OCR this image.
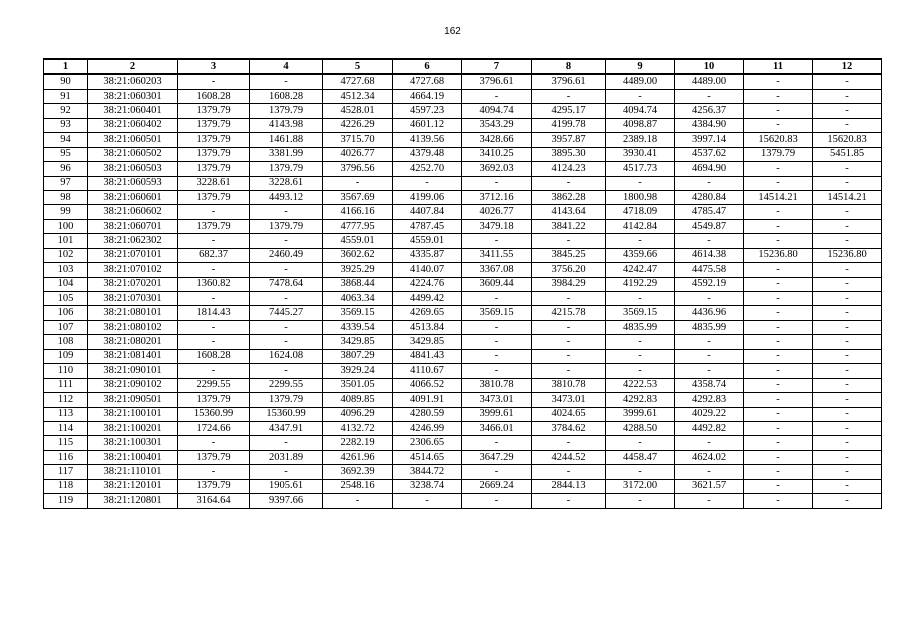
162
1	2	3	4	5	6	7	8	9	10	11	12
90	38:21:060203	-	-	4727.68	4727.68	3796.61	3796.61	4489.00	4489.00	-	-
91	38:21:060301	1608.28	1608.28	4512.34	4664.19	-	-	-	-	-	-
92	38:21:060401	1379.79	1379.79	4528.01	4597.23	4094.74	4295.17	4094.74	4256.37	-	-
93	38:21:060402	1379.79	4143.98	4226.29	4601.12	3543.29	4199.78	4098.87	4384.90	-	-
94	38:21:060501	1379.79	1461.88	3715.70	4139.56	3428.66	3957.87	2389.18	3997.14	15620.83	15620.83
95	38:21:060502	1379.79	3381.99	4026.77	4379.48	3410.25	3895.30	3930.41	4537.62	1379.79	5451.85
96	38:21:060503	1379.79	1379.79	3796.56	4252.70	3692.03	4124.23	4517.73	4694.90	-	-
97	38:21:060593	3228.61	3228.61	-	-	-	-	-	-	-	-
98	38:21:060601	1379.79	4493.12	3567.69	4199.06	3712.16	3862.28	1800.98	4280.84	14514.21	14514.21
99	38:21:060602	-	-	4166.16	4407.84	4026.77	4143.64	4718.09	4785.47	-	-
100	38:21:060701	1379.79	1379.79	4777.95	4787.45	3479.18	3841.22	4142.84	4549.87	-	-
101	38:21:062302	-	-	4559.01	4559.01	-	-	-	-	-	-
102	38:21:070101	682.37	2460.49	3602.62	4335.87	3411.55	3845.25	4359.66	4614.38	15236.80	15236.80
103	38:21:070102	-	-	3925.29	4140.07	3367.08	3756.20	4242.47	4475.58	-	-
104	38:21:070201	1360.82	7478.64	3868.44	4224.76	3609.44	3984.29	4192.29	4592.19	-	-
105	38:21:070301	-	-	4063.34	4499.42	-	-	-	-	-	-
106	38:21:080101	1814.43	7445.27	3569.15	4269.65	3569.15	4215.78	3569.15	4436.96	-	-
107	38:21:080102	-	-	4339.54	4513.84	-	-	4835.99	4835.99	-	-
108	38:21:080201	-	-	3429.85	3429.85	-	-	-	-	-	-
109	38:21:081401	1608.28	1624.08	3807.29	4841.43	-	-	-	-	-	-
110	38:21:090101	-	-	3929.24	4110.67	-	-	-	-	-	-
111	38:21:090102	2299.55	2299.55	3501.05	4066.52	3810.78	3810.78	4222.53	4358.74	-	-
112	38:21:090501	1379.79	1379.79	4089.85	4091.91	3473.01	3473.01	4292.83	4292.83	-	-
113	38:21:100101	15360.99	15360.99	4096.29	4280.59	3999.61	4024.65	3999.61	4029.22	-	-
114	38:21:100201	1724.66	4347.91	4132.72	4246.99	3466.01	3784.62	4288.50	4492.82	-	-
115	38:21:100301	-	-	2282.19	2306.65	-	-	-	-	-	-
116	38:21:100401	1379.79	2031.89	4261.96	4514.65	3647.29	4244.52	4458.47	4624.02	-	-
117	38:21:110101	-	-	3692.39	3844.72	-	-	-	-	-	-
118	38:21:120101	1379.79	1905.61	2548.16	3238.74	2669.24	2844.13	3172.00	3621.57	-	-
119	38:21:120801	3164.64	9397.66	-	-	-	-	-	-	-	-
